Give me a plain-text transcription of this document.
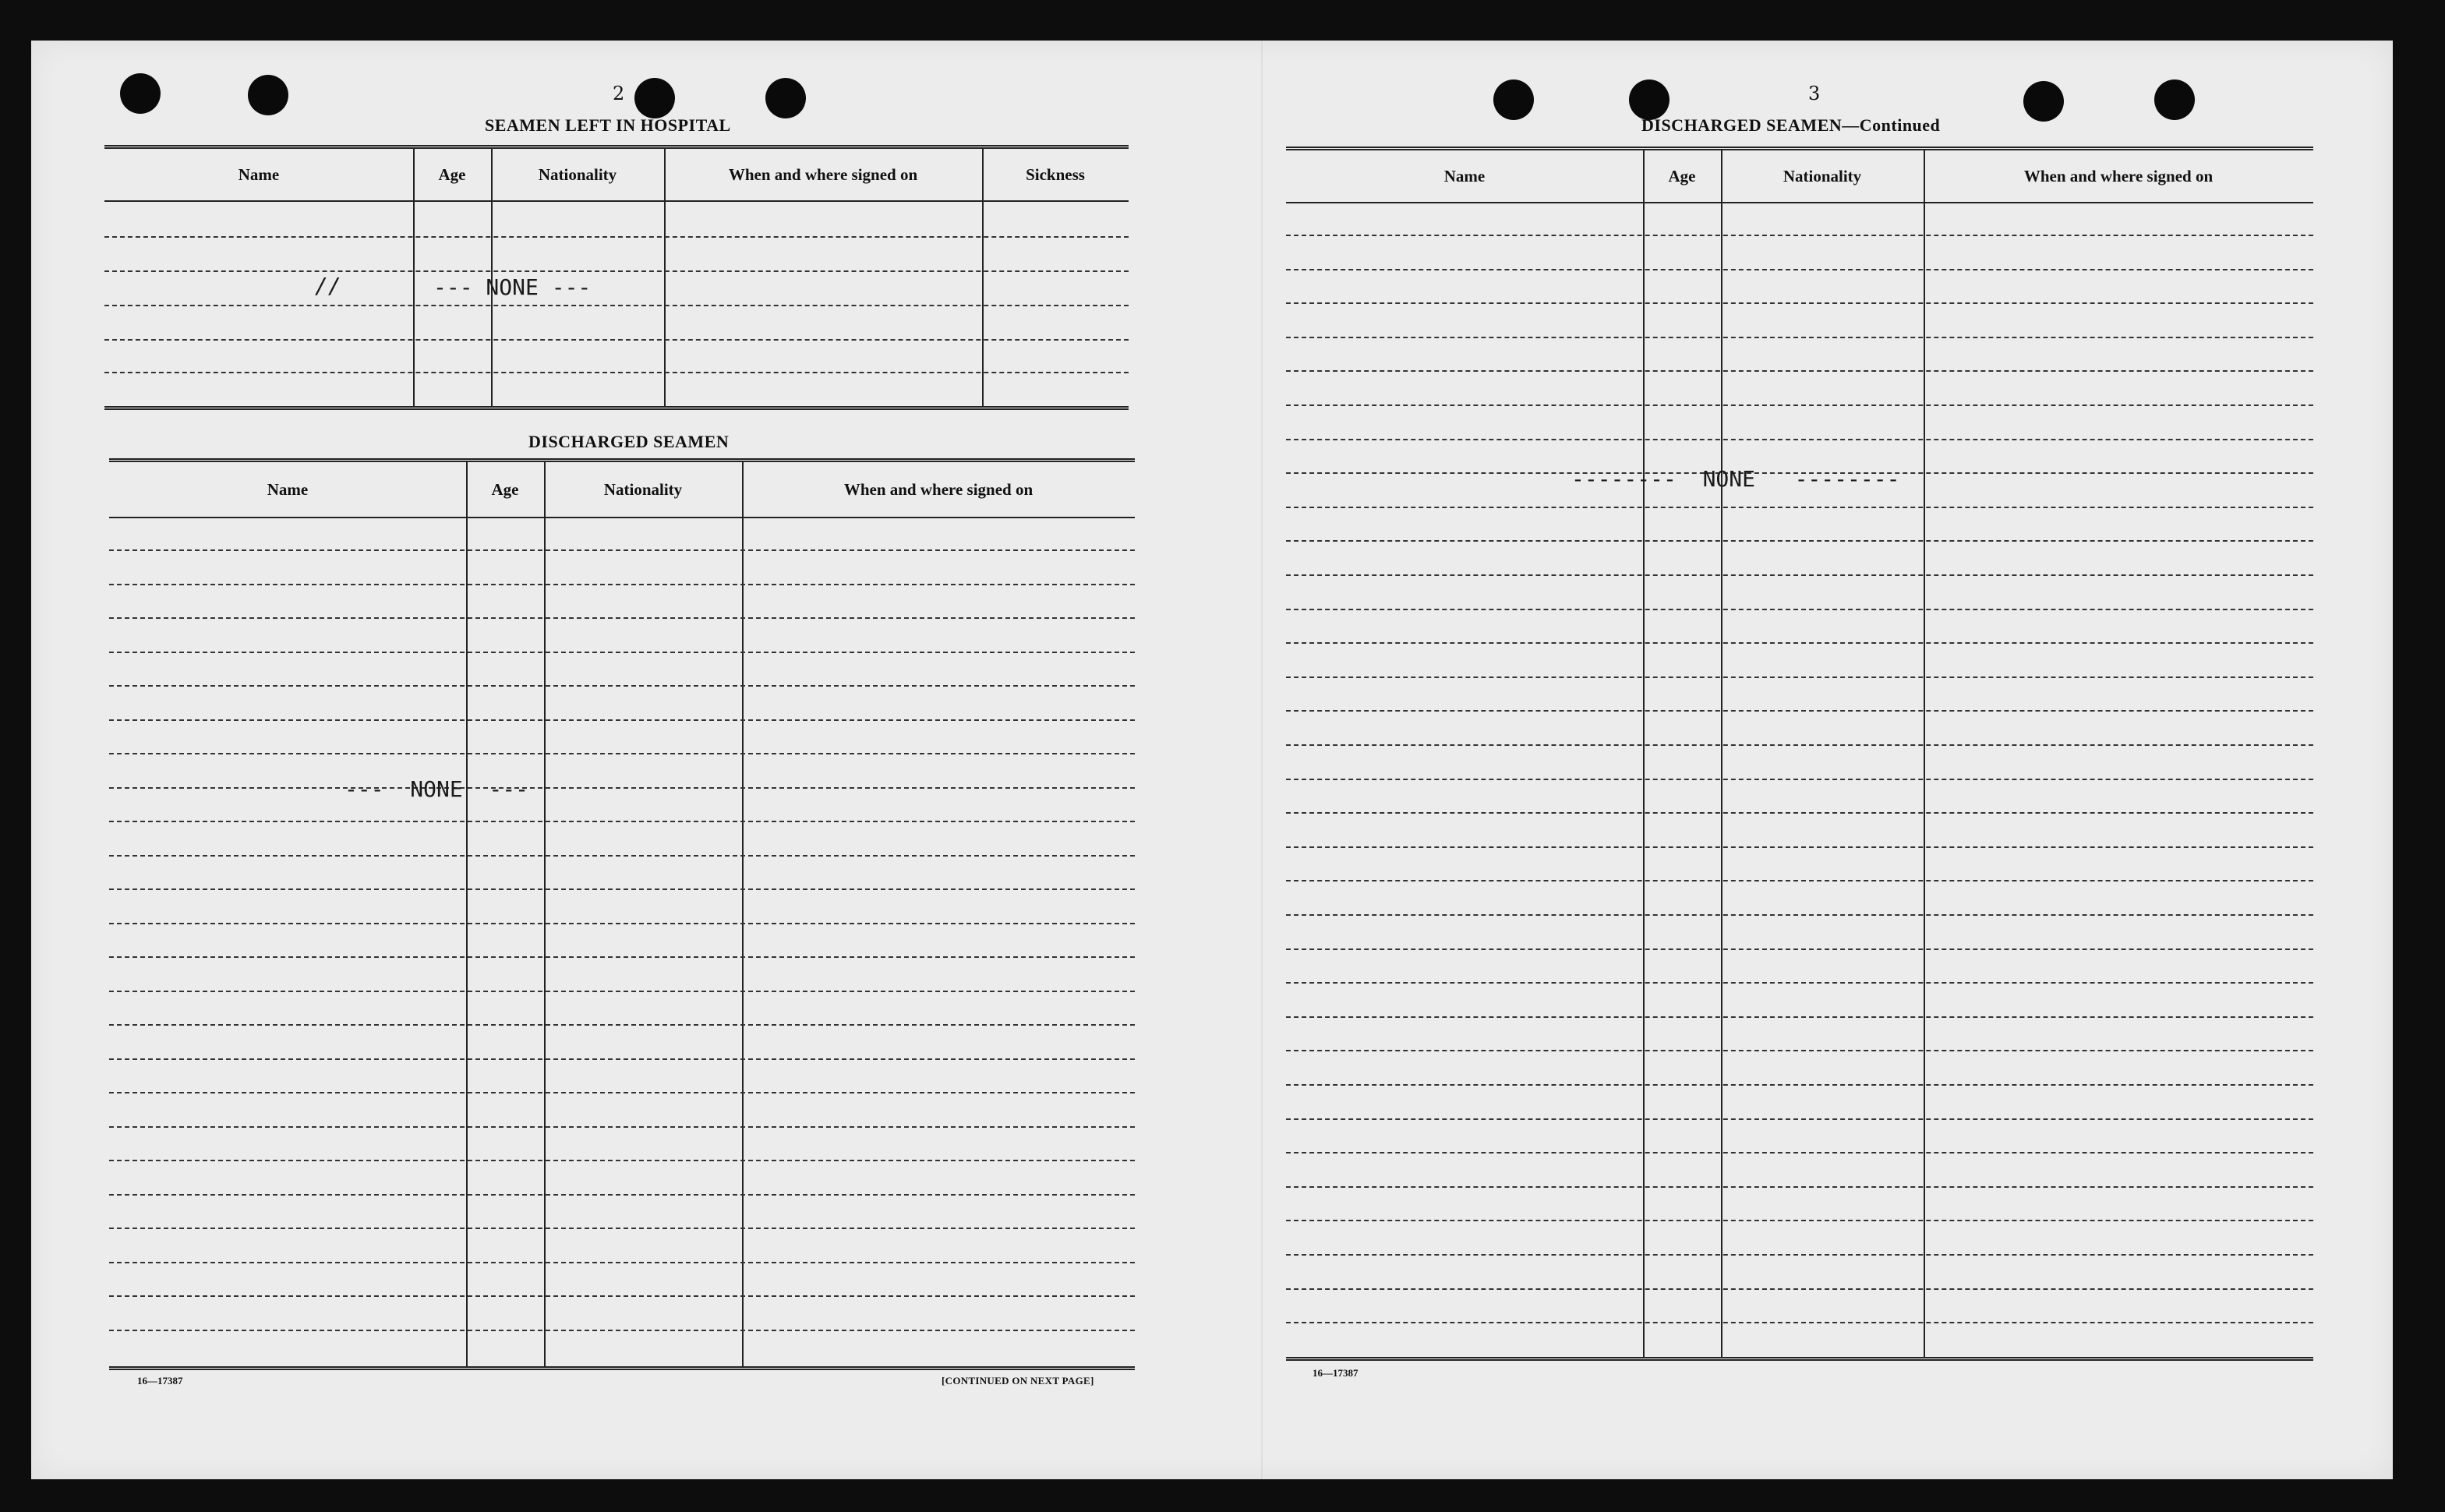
2
SEAMEN LEFT IN HOSPITAL
Name	Age	Nationality	When and where signed on	Sickness
//	--- NONE ---
DISCHARGED SEAMEN
Name	Age	Nationality	When and where signed on
---  NONE  ---
16—17387	[CONTINUED ON NEXT PAGE]
3
DISCHARGED SEAMEN—Continued
Name	Age	Nationality	When and where signed on
--------  NONE   --------
16—17387
